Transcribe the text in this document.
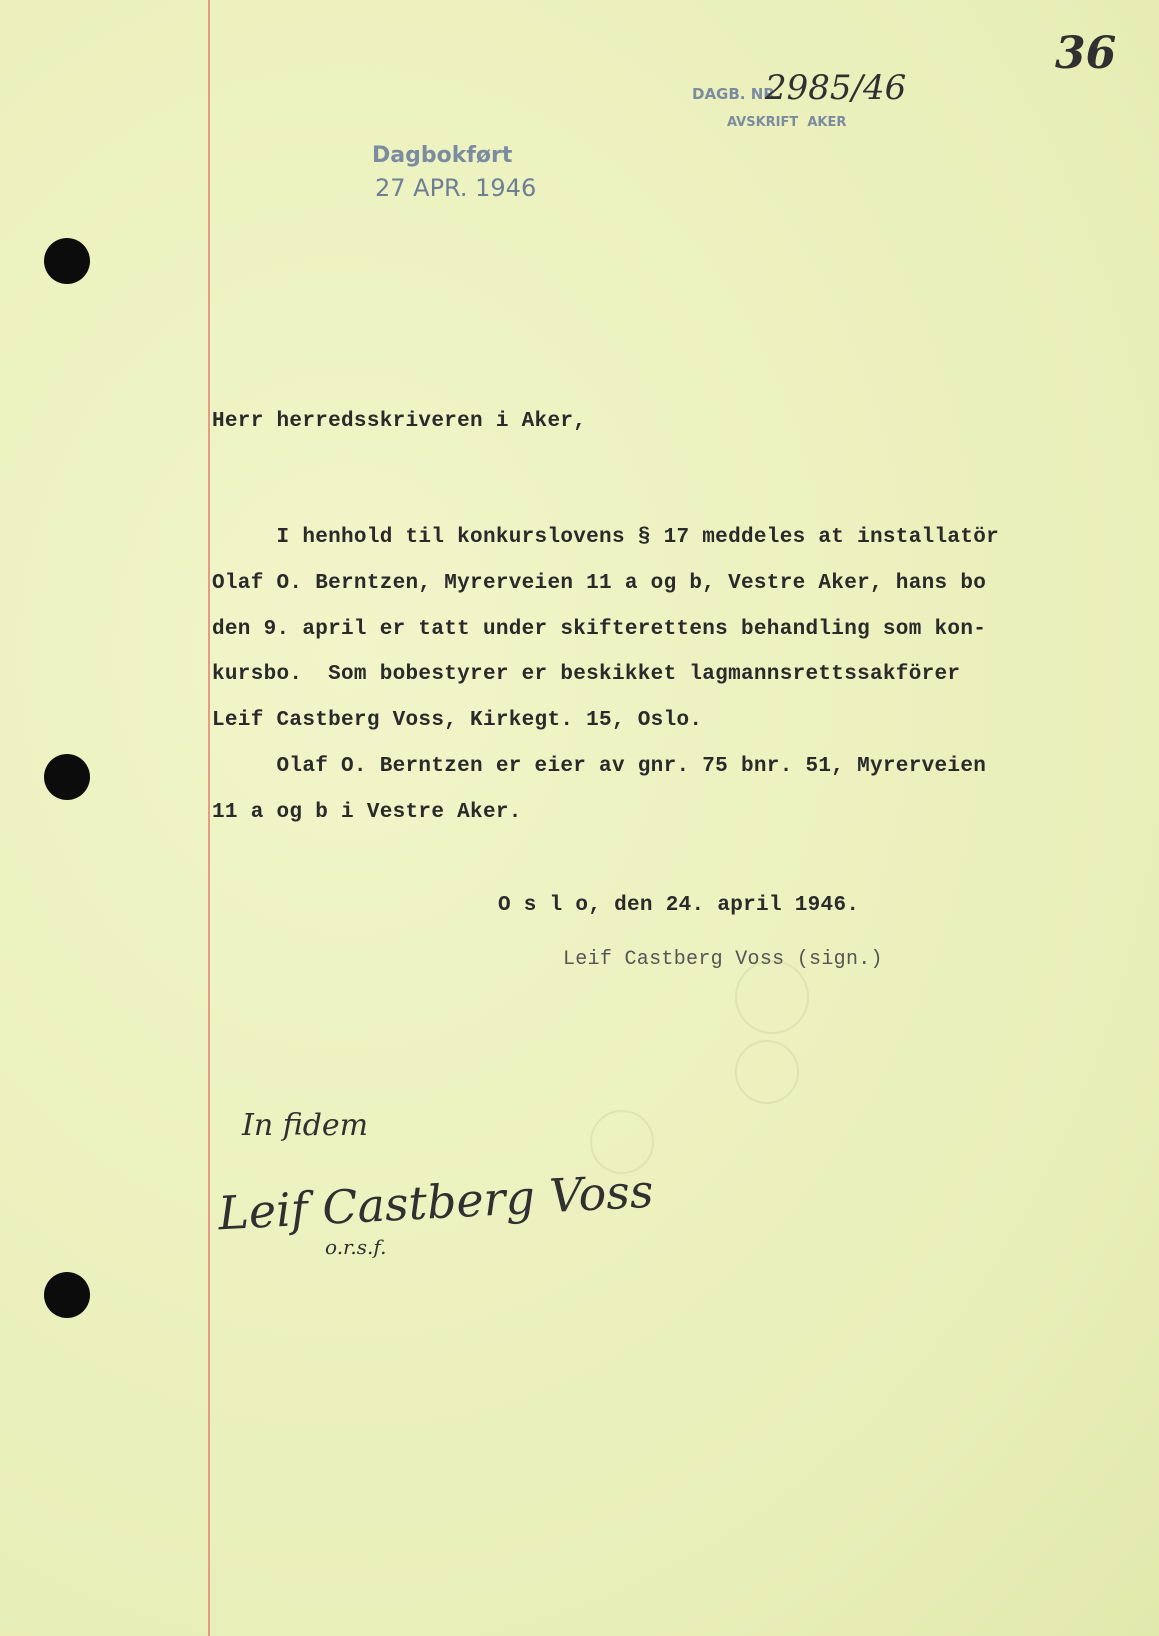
DAGB. NR.
2985/46
AVSKRIFT  AKER
36
Dagbokført
27 APR. 1946
Herr herredsskriveren i Aker,
I henhold til konkurslovens § 17 meddeles at installatör
Olaf O. Berntzen, Myrerveien 11 a og b, Vestre Aker, hans bo
den 9. april er tatt under skifterettens behandling som kon-
kursbo.  Som bobestyrer er beskikket lagmannsrettssakförer
Leif Castberg Voss, Kirkegt. 15, Oslo.
Olaf O. Berntzen er eier av gnr. 75 bnr. 51, Myrerveien
11 a og b i Vestre Aker.
O s l o, den 24. april 1946.
Leif Castberg Voss (sign.)
In fidem
Leif Castberg Voss
o.r.s.f.
